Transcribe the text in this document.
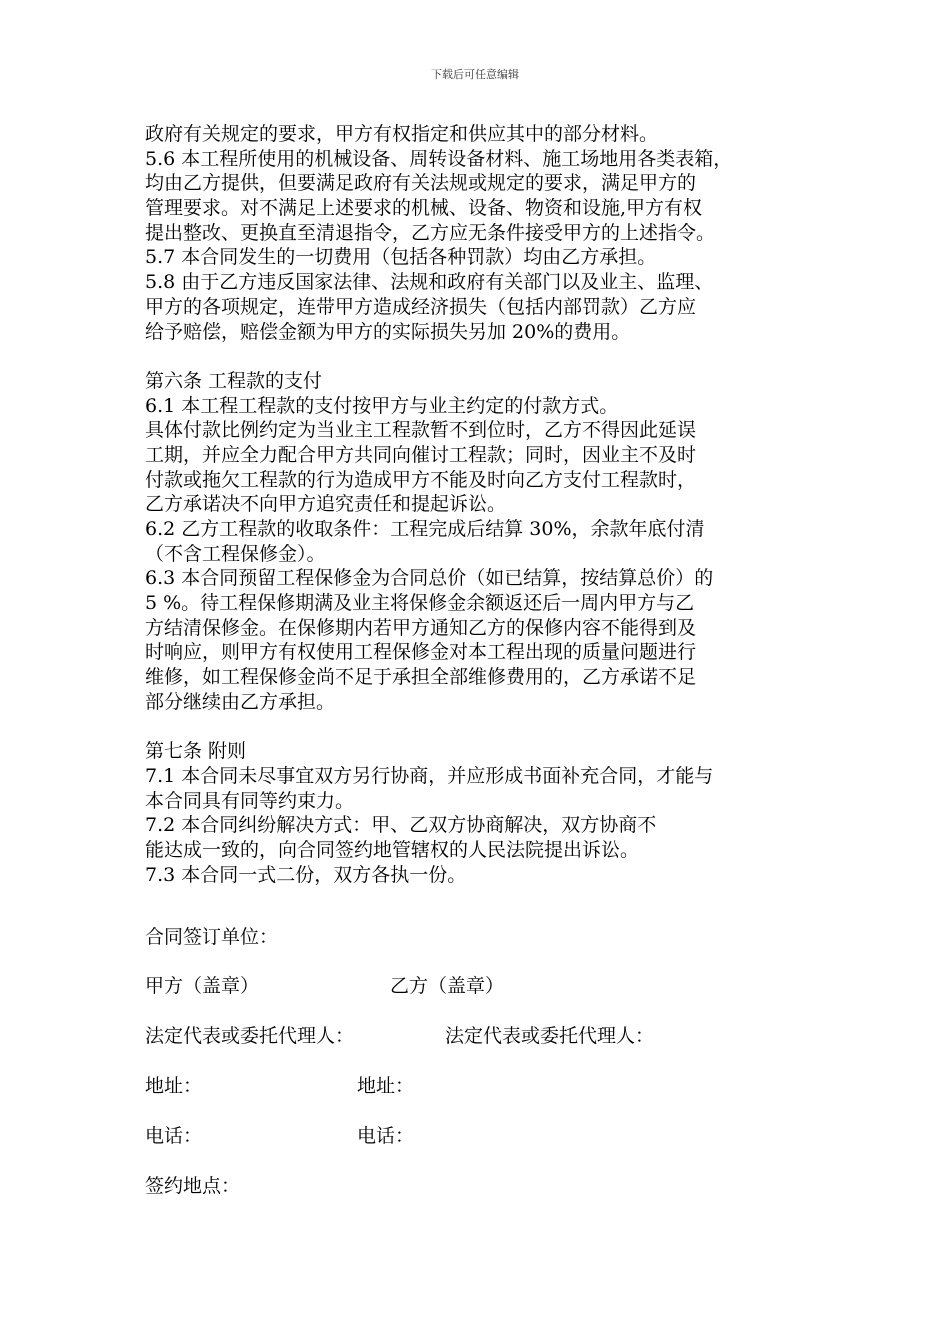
下载后可任意编辑
政府有关规定的要求，甲方有权指定和供应其中的部分材料。
5.6 本工程所使用的机械设备、周转设备材料、施工场地用各类表箱，
均由乙方提供，但要满足政府有关法规或规定的要求，满足甲方的
管理要求。对不满足上述要求的机械、设备、物资和设施,甲方有权
提出整改、更换直至清退指令，乙方应无条件接受甲方的上述指令。
5.7 本合同发生的一切费用（包括各种罚款）均由乙方承担。
5.8 由于乙方违反国家法律、法规和政府有关部门以及业主、监理、
甲方的各项规定，连带甲方造成经济损失（包括内部罚款）乙方应
给予赔偿，赔偿金额为甲方的实际损失另加 20%的费用。
第六条 工程款的支付
6.1 本工程工程款的支付按甲方与业主约定的付款方式。
具体付款比例约定为当业主工程款暂不到位时，乙方不得因此延误
工期，并应全力配合甲方共同向催讨工程款；同时，因业主不及时
付款或拖欠工程款的行为造成甲方不能及时向乙方支付工程款时，
乙方承诺决不向甲方追究责任和提起诉讼。
6.2 乙方工程款的收取条件：工程完成后结算 30%，余款年底付清
（不含工程保修金）。
6.3 本合同预留工程保修金为合同总价（如已结算，按结算总价）的
5 %。待工程保修期满及业主将保修金余额返还后一周内甲方与乙
方结清保修金。在保修期内若甲方通知乙方的保修内容不能得到及
时响应，则甲方有权使用工程保修金对本工程出现的质量问题进行
维修，如工程保修金尚不足于承担全部维修费用的，乙方承诺不足
部分继续由乙方承担。
第七条 附则
7.1 本合同未尽事宜双方另行协商，并应形成书面补充合同，才能与
本合同具有同等约束力。
7.2 本合同纠纷解决方式：甲、乙双方协商解决，双方协商不
能达成一致的，向合同签约地管辖权的人民法院提出诉讼。
7.3 本合同一式二份，双方各执一份。
合同签订单位：
甲方（盖章）	乙方（盖章）
法定代表或委托代理人：	法定代表或委托代理人：
地址：	地址：
电话：	电话：
签约地点：
